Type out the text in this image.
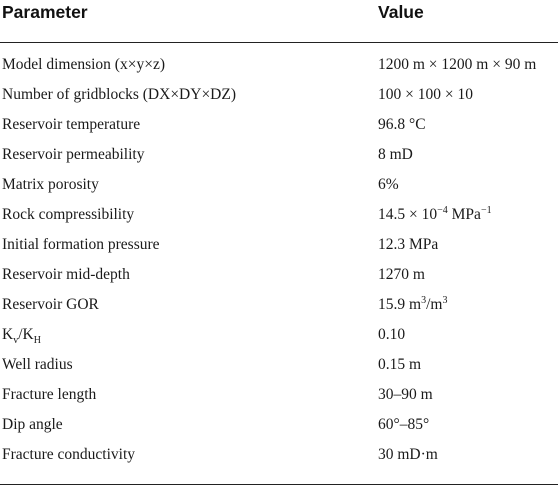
Parameter	Value
Model dimension (x×y×z)	1200 m × 1200 m × 90 m
Number of gridblocks (DX×DY×DZ)	100 × 100 × 10
Reservoir temperature	96.8 °C
Reservoir permeability	8 mD
Matrix porosity	6%
Rock compressibility	$14.5 \times 10^{-4}$ MPa$^{-1}$
Initial formation pressure	12.3 MPa
Reservoir mid-depth	1270 m
Reservoir GOR	15.9 $m^3/m^3$
$K_v/K_H$	0.10
Well radius	0.15 m
Fracture length	30–90 m
Dip angle	60°–85°
Fracture conductivity	30 mD·m
